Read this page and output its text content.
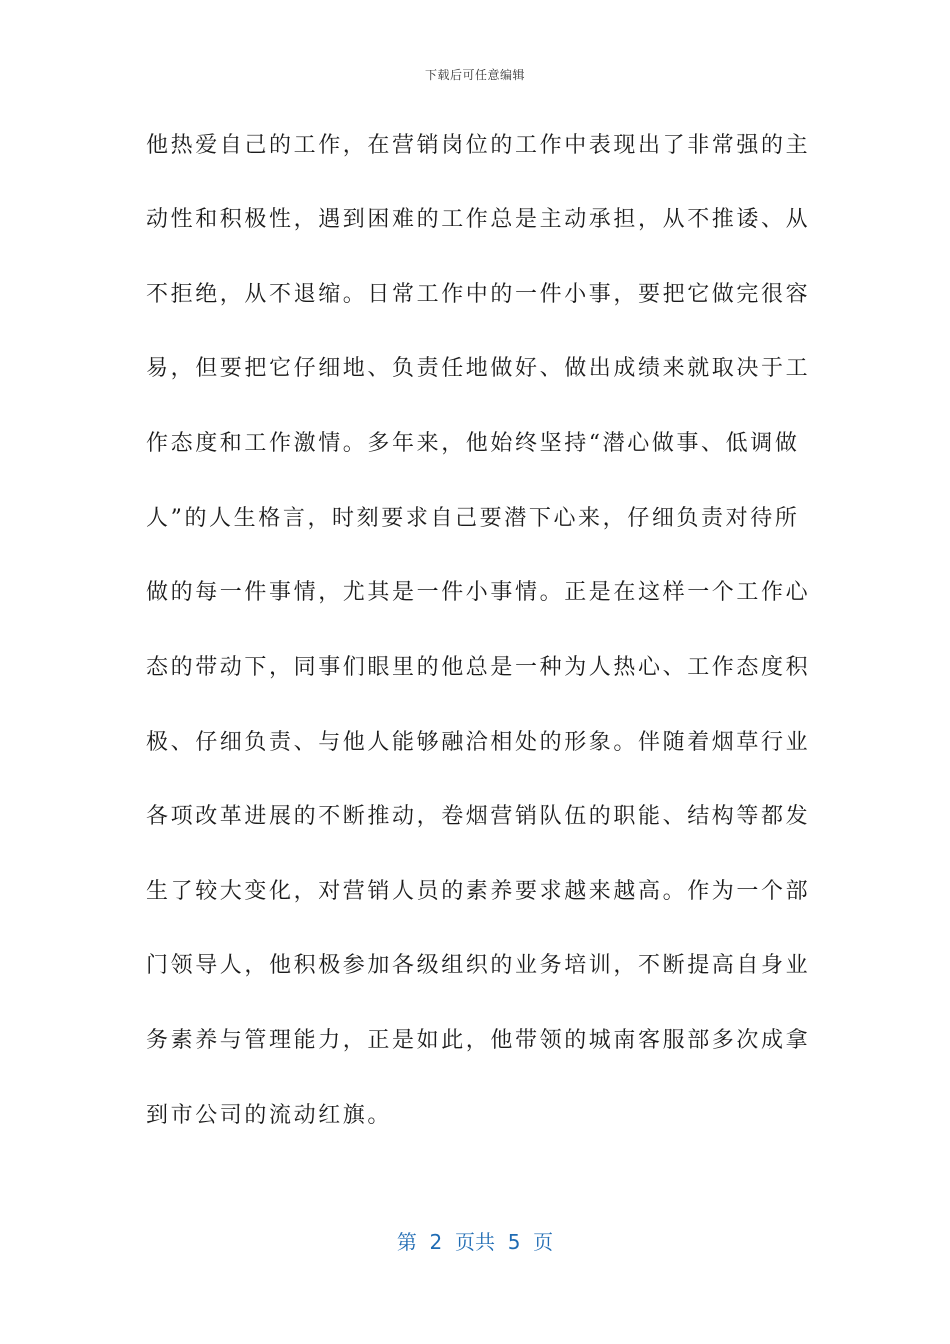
下载后可任意编辑
他热爱自己的工作，在营销岗位的工作中表现出了非常强的主
动性和积极性，遇到困难的工作总是主动承担，从不推诿、从
不拒绝，从不退缩。日常工作中的一件小事，要把它做完很容
易，但要把它仔细地、负责任地做好、做出成绩来就取决于工
作态度和工作激情。多年来，他始终坚持“潜心做事、低调做
人”的人生格言，时刻要求自己要潜下心来，仔细负责对待所
做的每一件事情，尤其是一件小事情。正是在这样一个工作心
态的带动下，同事们眼里的他总是一种为人热心、工作态度积
极、仔细负责、与他人能够融洽相处的形象。伴随着烟草行业
各项改革进展的不断推动，卷烟营销队伍的职能、结构等都发
生了较大变化，对营销人员的素养要求越来越高。作为一个部
门领导人，他积极参加各级组织的业务培训，不断提高自身业
务素养与管理能力，正是如此，他带领的城南客服部多次成拿
到市公司的流动红旗。
第  2  页共  5  页
